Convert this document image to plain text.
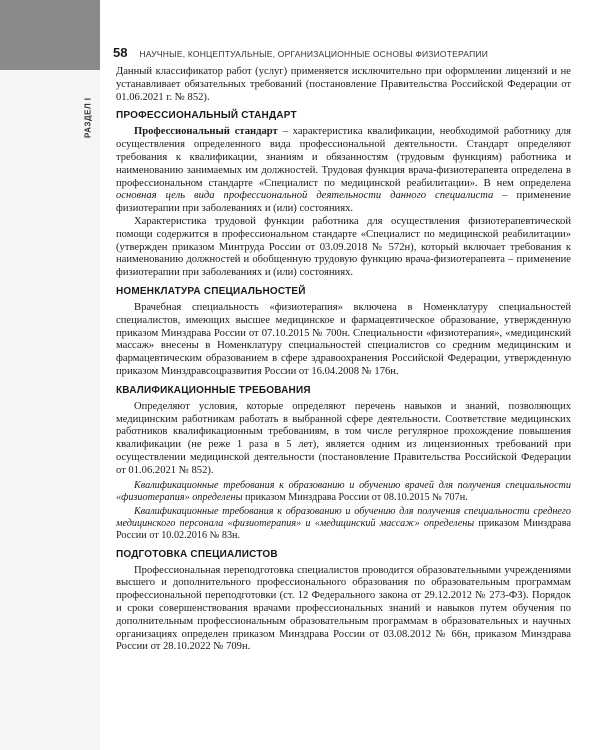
РАЗДЕЛ I
58 НАУЧНЫЕ, КОНЦЕПТУАЛЬНЫЕ, ОРГАНИЗАЦИОННЫЕ ОСНОВЫ ФИЗИОТЕРАПИИ

Данный классификатор работ (услуг) применяется исключительно при оформлении лицензий и не устанавливает обязательных требований (постановление Правительства Российской Федерации от 01.06.2021 г. № 852).

ПРОФЕССИОНАЛЬНЫЙ СТАНДАРТ

Профессиональный стандарт – характеристика квалификации, необходимой работнику для осуществления определенного вида профессиональной деятельности. Стандарт определяют требования к квалификации, знаниям и обязанностям (трудовым функциям) работника и наименованию занимаемых им должностей. Трудовая функция врача-физиотерапевта определена в профессиональном стандарте «Специалист по медицинской реабилитации». В нем определена основная цель вида профессиональной деятельности данного специалиста – применение физиотерапии при заболеваниях и (или) состояниях.

Характеристика трудовой функции работника для осуществления физиотерапевтической помощи содержится в профессиональном стандарте «Специалист по медицинской реабилитации» (утвержден приказом Минтруда России от 03.09.2018 № 572н), который включает требования к наименованию должностей и обобщенную трудовую функцию врача-физиотерапевта – применение физиотерапии при заболеваниях и (или) состояниях.

НОМЕНКЛАТУРА СПЕЦИАЛЬНОСТЕЙ

Врачебная специальность «физиотерапия» включена в Номенклатуру специальностей специалистов, имеющих высшее медицинское и фармацевтическое образование, утвержденную приказом Минздрава России от 07.10.2015 № 700н. Специальности «физиотерапия», «медицинский массаж» внесены в Номенклатуру специальностей специалистов со средним медицинским и фармацевтическим образованием в сфере здравоохранения Российской Федерации, утвержденную приказом Минздравсоцразвития России от 16.04.2008 № 176н.

КВАЛИФИКАЦИОННЫЕ ТРЕБОВАНИЯ

Определяют условия, которые определяют перечень навыков и знаний, позволяющих медицинским работникам работать в выбранной сфере деятельности. Соответствие медицинских работников квалификационным требованиям, в том числе регулярное прохождение повышения квалификации (не реже 1 раза в 5 лет), является одним из лицензионных требований при осуществлении медицинской деятельности (постановление Правительства Российской Федерации от 01.06.2021 № 852).

Квалификационные требования к образованию и обучению врачей для получения специальности «физиотерапия» определены приказом Минздрава России от 08.10.2015 № 707н.

Квалификационные требования к образованию и обучению для получения специальности среднего медицинского персонала «физиотерапия» и «медицинский массаж» определены приказом Минздрава России от 10.02.2016 № 83н.

ПОДГОТОВКА СПЕЦИАЛИСТОВ

Профессиональная переподготовка специалистов проводится образовательными учреждениями высшего и дополнительного профессионального образования по образовательным программам профессиональной переподготовки (ст. 12 Федерального закона от 29.12.2012 № 273-ФЗ). Порядок и сроки совершенствования врачами профессиональных знаний и навыков путем обучения по дополнительным профессиональным образовательным программам в образовательных и научных организациях определен приказом Минздрава России от 03.08.2012 № 66н, приказом Минздрава России от 28.10.2022 № 709н.
